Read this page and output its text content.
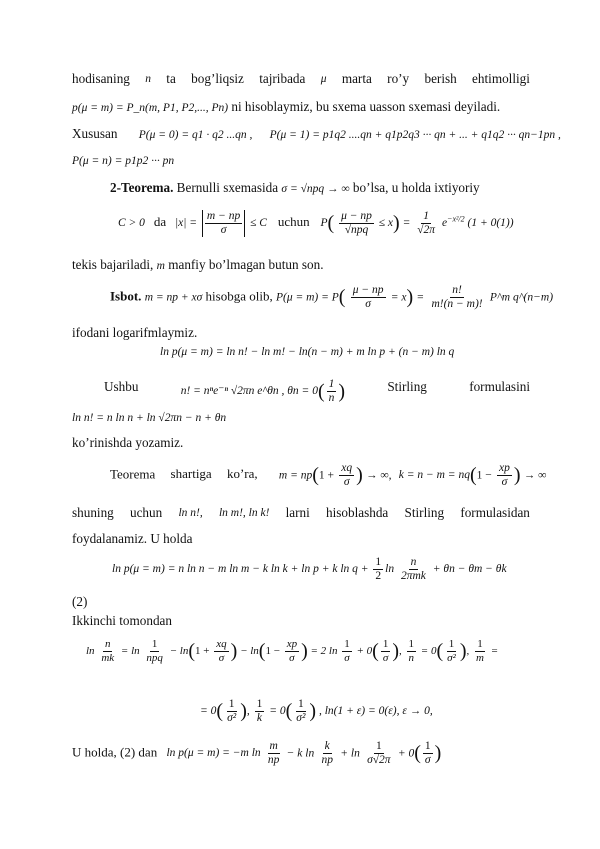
hodisaning n ta bog’liqsiz tajribada μ marta ro’y berish ehtimolligi
p(μ = m) = P_n(m, P1, P2,..., Pn) ni hisoblaymiz, bu sxema uasson sxemasi deyiladi.
Xususan P(μ = 0) = q1 · q2 ...qn , P(μ = 1) = p1q2 ....qn + q1p2q3 ··· qn + ... + q1q2 ··· qn−1pn ,
P(μ = n) = p1p2 ··· pn
2-Teorema. Bernulli sxemasida σ = √npq → ∞ bo’lsa, u holda ixtiyoriy
C > 0 da $|x| = \frac{m - np}{\sigma} \le C$ uchun $P( \frac{\mu - np}{\text{√npq}} \le x) = \frac{1}{√2\pi} e^{-x^2/2}$ (1 + 0(1))
tekis bajariladi, m manfiy bo’lmagan butun son.
Isbot. m = np + xσ hisobga olib, $P(\mu = m) = P( \frac{\mu - np}{\sigma} = x) = \frac{n!}{m!(n - m)!}$ P^m q^(n−m)
ifodani logarifmlaymiz.
ln p(μ = m) = ln n! − ln m! − ln(n − m) + m ln p + (n − m) ln q
Ushbu	n! = nⁿe⁻ⁿ √2πn e^θn , $\theta n = 0( \frac{1}{n}$ )	Stirling	formulasini
ln n! = n ln n + ln √2πn − n + θn
ko’rinishda yozamiz.
Teorema shartiga ko’ra, $m = np(1 + \frac{xq}{\sigma}$ ) → ∞, $k = n - m = nq(1 - \frac{xp}{\sigma}$ ) → ∞
shuning uchun ln n!, ln m!, ln k! larni hisoblashda Stirling formulasidan
foydalanamiz. U holda
ln p(μ = m) = n ln n − m ln m − k ln k + ln p + k $\ln q + \frac{1}{2}$ $\ln \frac{n}{\text{2πmk}} + \theta n - \theta m - \theta k$
(2)
Ikkinchi tomondan
$\ln \frac{n}{mk} = \ln \frac{1}{\text{npq}} - \ln(1 + \frac{xq}{\sigma}$ ) − $\ln(1 - \frac{xp}{\sigma}$ ) = 2 $\ln \frac{1}{\sigma} + 0( \frac{1}{\sigma}$ ), $\frac{1}{n} = 0( \frac{1}{\text{σ²}}$ ), $\frac{1}{m}$ =
= $0( \frac{1}{\text{σ²}}$ ), $\frac{1}{k} = 0( \frac{1}{\text{σ²}}$ ) , ln(1 + ε) = 0(ε), ε → 0,
U holda, (2) dan ln p(μ = m) = −m $\ln \frac{m}{np} - k$ $\ln \frac{k}{np} + \ln \frac{1}{\sigma√2\pi} + 0( \frac{1}{\sigma}$ )
